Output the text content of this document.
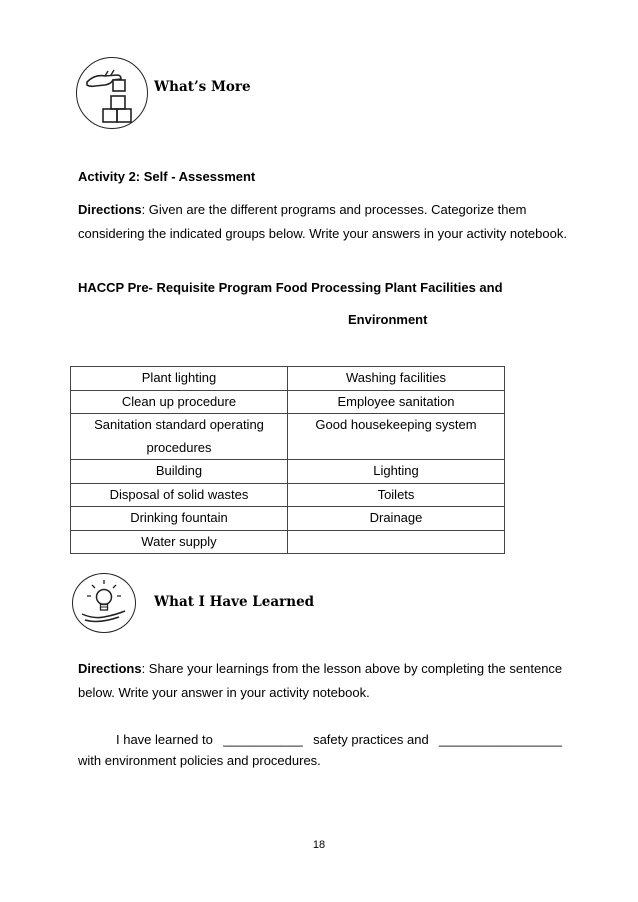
What’s More
Activity 2: Self - Assessment
Directions: Given are the different programs and processes. Categorize them considering the indicated groups below. Write your answers in your activity notebook.
HACCP Pre- Requisite Program Food Processing Plant Facilities and
Environment
Plant lighting	Washing facilities
Clean up procedure	Employee sanitation
Sanitation standard operating procedures	Good housekeeping system
Building	Lighting
Disposal of solid wastes	Toilets
Drinking fountain	Drainage
Water supply	
What I Have Learned
Directions: Share your learnings from the lesson above by completing the sentence below. Write your answer in your activity notebook.
I have learned to ___________ safety practices and _________________
with environment policies and procedures.
18
